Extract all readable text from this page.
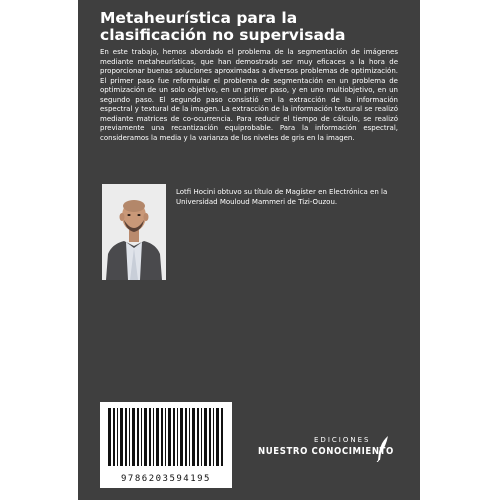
Metaheurística para la clasificación no supervisada

En este trabajo, hemos abordado el problema de la segmentación de imágenes mediante metaheurísticas, que han demostrado ser muy eficaces a la hora de proporcionar buenas soluciones aproximadas a diversos problemas de optimización. El primer paso fue reformular el problema de segmentación en un problema de optimización de un solo objetivo, en un primer paso, y en uno multiobjetivo, en un segundo paso. El segundo paso consistió en la extracción de la información espectral y textural de la imagen. La extracción de la información textural se realizó mediante matrices de co-ocurrencia. Para reducir el tiempo de cálculo, se realizó previamente una recantización equiprobable. Para la información espectral, consideramos la media y la varianza de los niveles de gris en la imagen.

Lotfi Hocini obtuvo su título de Magíster en Electrónica en la Universidad Mouloud Mammeri de Tizi-Ouzou.

9786203594195
EDICIONES
NUESTRO CONOCIMIENTO
